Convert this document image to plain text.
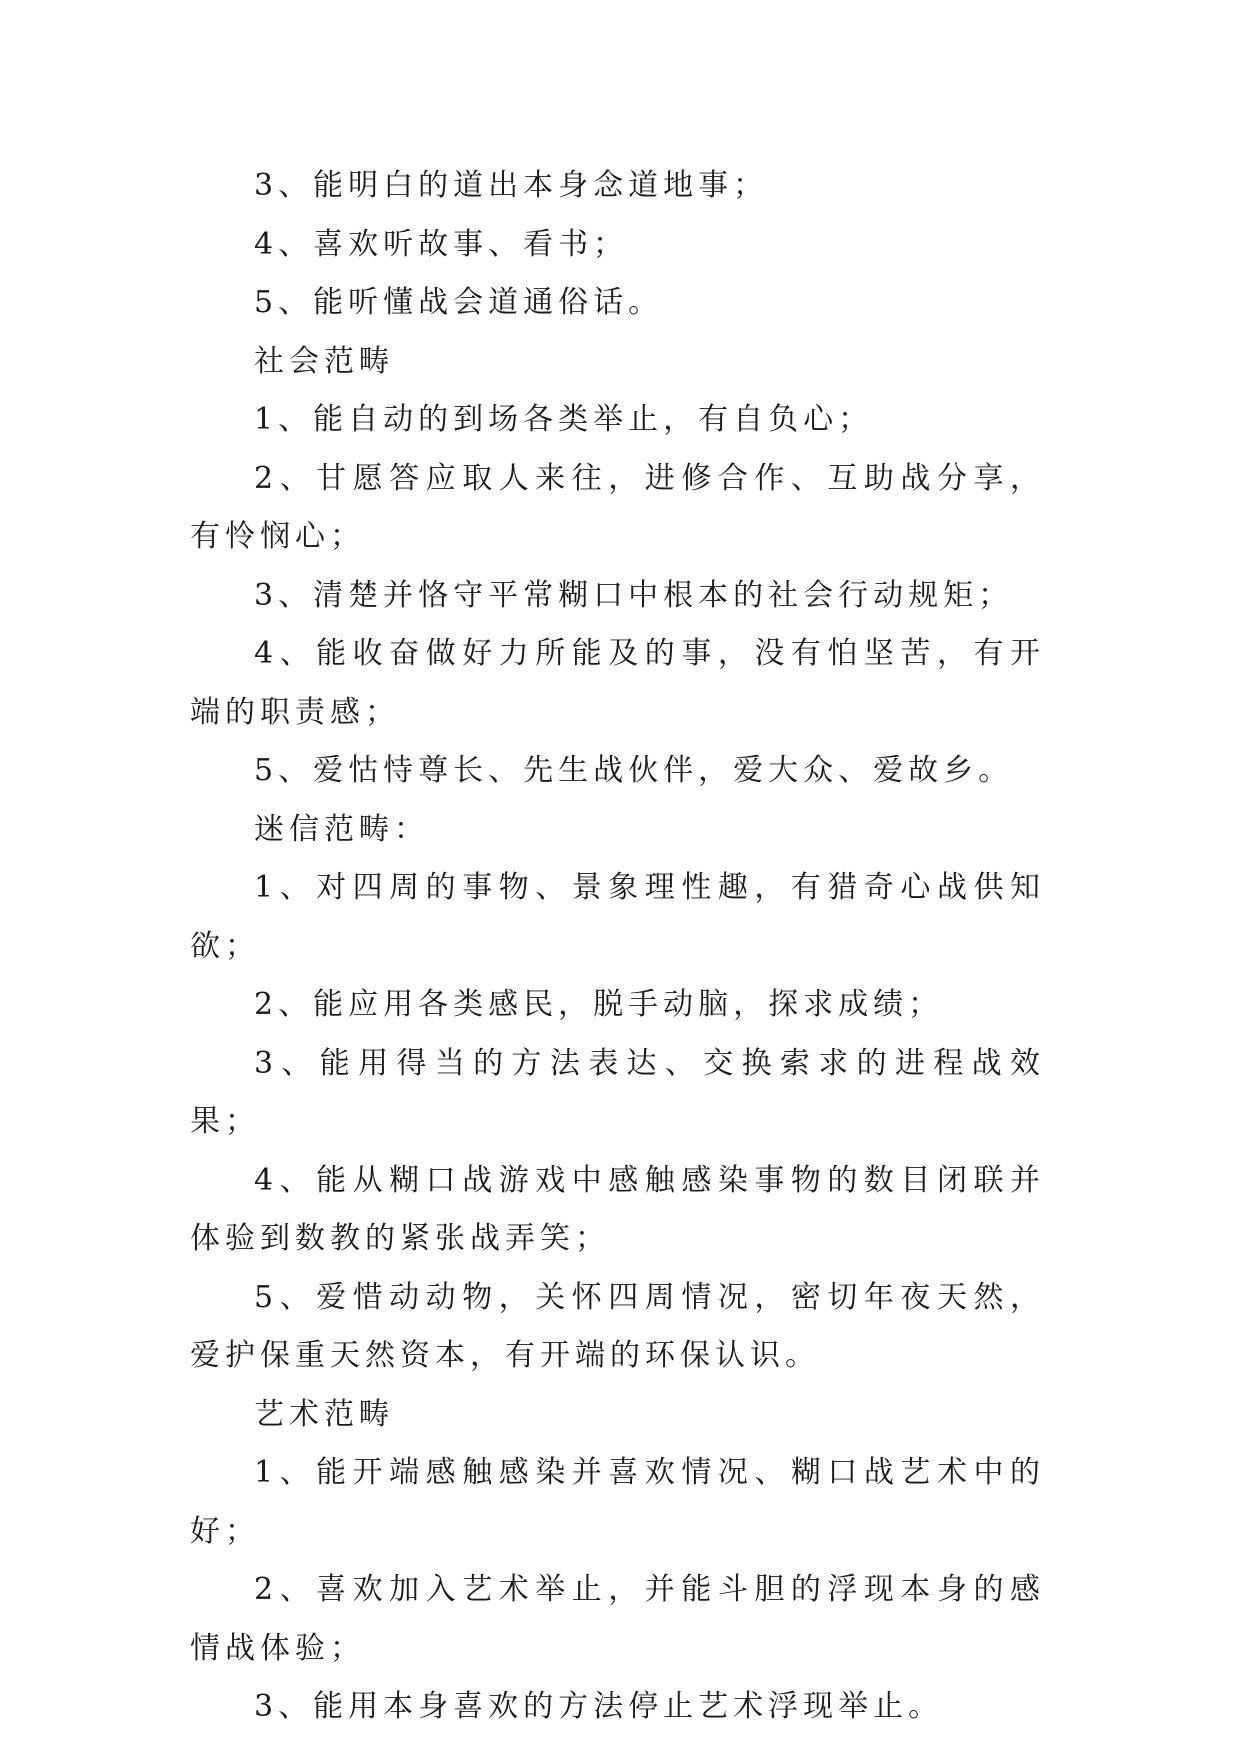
3、能明白的道出本身念道地事；

4、喜欢听故事、看书；

5、能听懂战会道通俗话。

社会范畴

1、能自动的到场各类举止，有自负心；

2、甘愿答应取人来往，进修合作、互助战分享，有怜悯心；

3、清楚并恪守平常糊口中根本的社会行动规矩；

4、能收奋做好力所能及的事，没有怕坚苦，有开端的职责感；

5、爱怙恃尊长、先生战伙伴，爱大众、爱故乡。

迷信范畴：

1、对四周的事物、景象理性趣，有猎奇心战供知欲；

2、能应用各类感民，脱手动脑，探求成绩；

3、能用得当的方法表达、交换索求的进程战效果；

4、能从糊口战游戏中感触感染事物的数目闭联并体验到数教的紧张战弄笑；

5、爱惜动动物，关怀四周情况，密切年夜天然，爱护保重天然资本，有开端的环保认识。

艺术范畴

1、能开端感触感染并喜欢情况、糊口战艺术中的好；

2、喜欢加入艺术举止，并能斗胆的浮现本身的感情战体验；

3、能用本身喜欢的方法停止艺术浮现举止。
